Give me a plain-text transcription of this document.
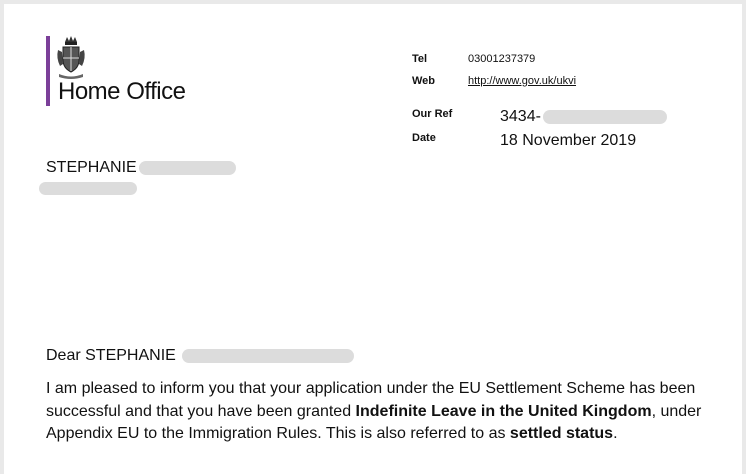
Home Office
Tel	03001237379
Web	http://www.gov.uk/ukvi
Our Ref	3434-
Date	18 November 2019
STEPHANIE
Dear STEPHANIE
I am pleased to inform you that your application under the EU Settlement Scheme has been successful and that you have been granted Indefinite Leave in the United Kingdom, under Appendix EU to the Immigration Rules. This is also referred to as settled status.
